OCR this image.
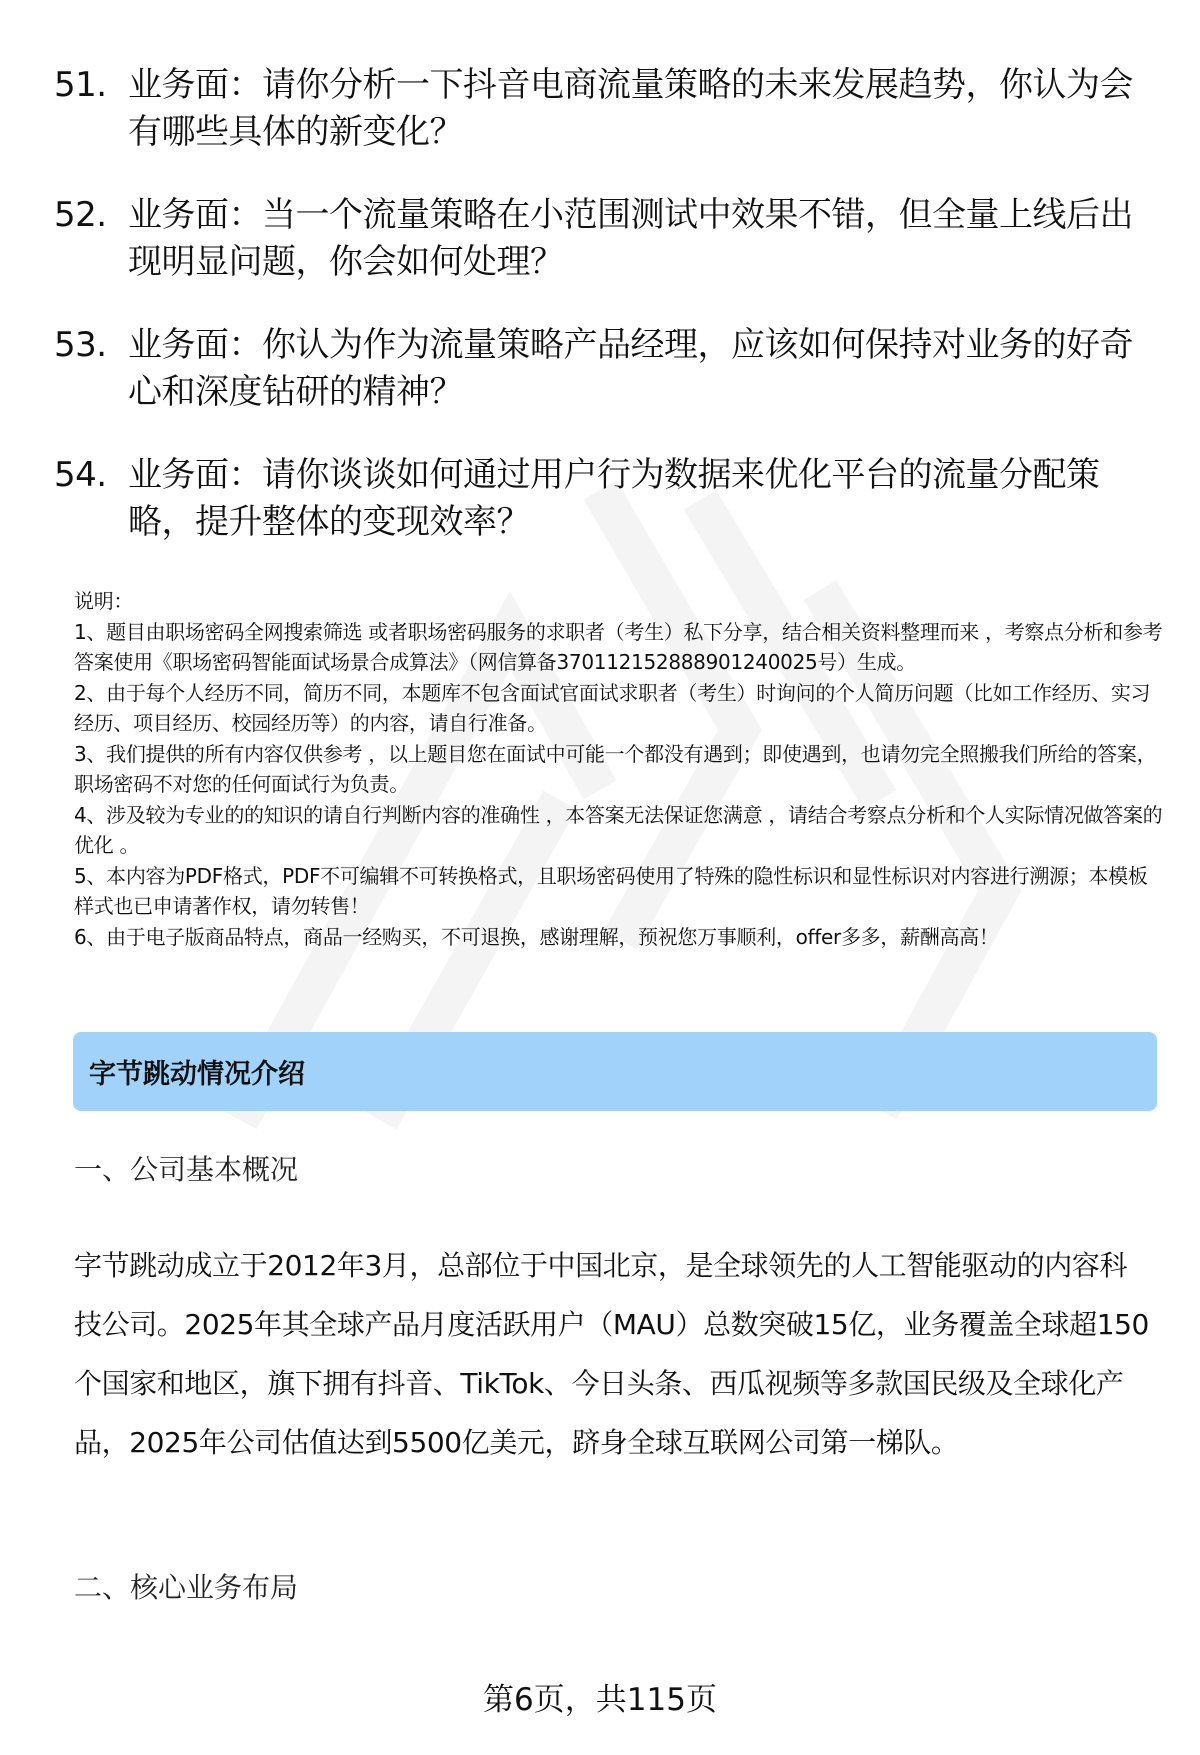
51. 业务面：请你分析一下抖音电商流量策略的未来发展趋势，你认为会有哪些具体的新变化？
52. 业务面：当一个流量策略在小范围测试中效果不错，但全量上线后出现明显问题，你会如何处理？
53. 业务面：你认为作为流量策略产品经理，应该如何保持对业务的好奇心和深度钻研的精神？
54. 业务面：请你谈谈如何通过用户行为数据来优化平台的流量分配策略，提升整体的变现效率？

说明：

1、题目由职场密码全网搜索筛选 或者职场密码服务的求职者（考生）私下分享，结合相关资料整理而来 ，考察点分析和参考答案使用《职场密码智能面试场景合成算法》（网信算备370112152888901240025号）生成。

2、由于每个人经历不同，简历不同，本题库不包含面试官面试求职者（考生）时询问的个人简历问题（比如工作经历、实习经历、项目经历、校园经历等）的内容，请自行准备。

3、我们提供的所有内容仅供参考 ，以上题目您在面试中可能一个都没有遇到；即使遇到，也请勿完全照搬我们所给的答案，职场密码不对您的任何面试行为负责。

4、涉及较为专业的的知识的请自行判断内容的准确性 ，本答案无法保证您满意 ，请结合考察点分析和个人实际情况做答案的优化 。

5、本内容为PDF格式，PDF不可编辑不可转换格式，且职场密码使用了特殊的隐性标识和显性标识对内容进行溯源；本模板样式也已申请著作权，请勿转售！

6、由于电子版商品特点，商品一经购买，不可退换，感谢理解，预祝您万事顺利，offer多多，薪酬高高！

字节跳动情况介绍
一、公司基本概况

字节跳动成立于2012年3月，总部位于中国北京，是全球领先的人工智能驱动的内容科技公司。2025年其全球产品月度活跃用户（MAU）总数突破15亿，业务覆盖全球超150个国家和地区，旗下拥有抖音、TikTok、今日头条、西瓜视频等多款国民级及全球化产品，2025年公司估值达到5500亿美元，跻身全球互联网公司第一梯队。

二、核心业务布局
第6页，共115页
